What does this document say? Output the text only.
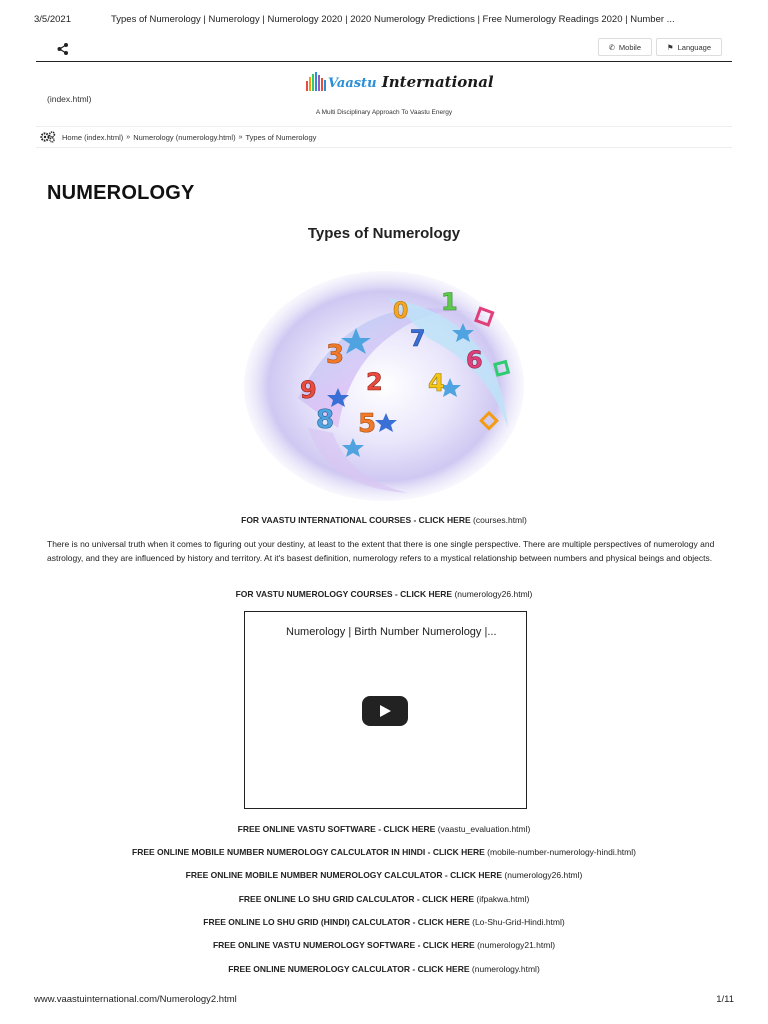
3/5/2021	Types of Numerology | Numerology | Numerology 2020 | 2020 Numerology Predictions | Free Numerology Readings 2020 | Number ...
✆ Mobile	⚑ Language
(index.html)
Vaastu International
A Multi Disciplinary Approach To Vaastu Energy
Home (index.html) » Numerology (numerology.html) » Types of Numerology
NUMEROLOGY
Types of Numerology
0 1
7
6
3
9 2 4
8 5
FOR VAASTU INTERNATIONAL COURSES - CLICK HERE (courses.html)

There is no universal truth when it comes to figuring out your destiny, at least to the extent that there is one single perspective. There are multiple perspectives of numerology and astrology, and they are influenced by history and territory. At it's basest definition, numerology refers to a mystical relationship between numbers and physical beings and objects.

FOR VASTU NUMEROLOGY COURSES - CLICK HERE (numerology26.html)
Numerology | Birth Number Numerology |...
FREE ONLINE VASTU SOFTWARE - CLICK HERE (vaastu_evaluation.html)
FREE ONLINE MOBILE NUMBER NUMEROLOGY CALCULATOR IN HINDI - CLICK HERE (mobile-number-numerology-hindi.html)
FREE ONLINE MOBILE NUMBER NUMEROLOGY CALCULATOR - CLICK HERE (numerology26.html)
FREE ONLINE LO SHU GRID CALCULATOR - CLICK HERE (ifpakwa.html)
FREE ONLINE LO SHU GRID (HINDI) CALCULATOR - CLICK HERE (Lo-Shu-Grid-Hindi.html)
FREE ONLINE VASTU NUMEROLOGY SOFTWARE - CLICK HERE (numerology21.html)
FREE ONLINE NUMEROLOGY CALCULATOR - CLICK HERE (numerology.html)
www.vaastuinternational.com/Numerology2.html	1/11
